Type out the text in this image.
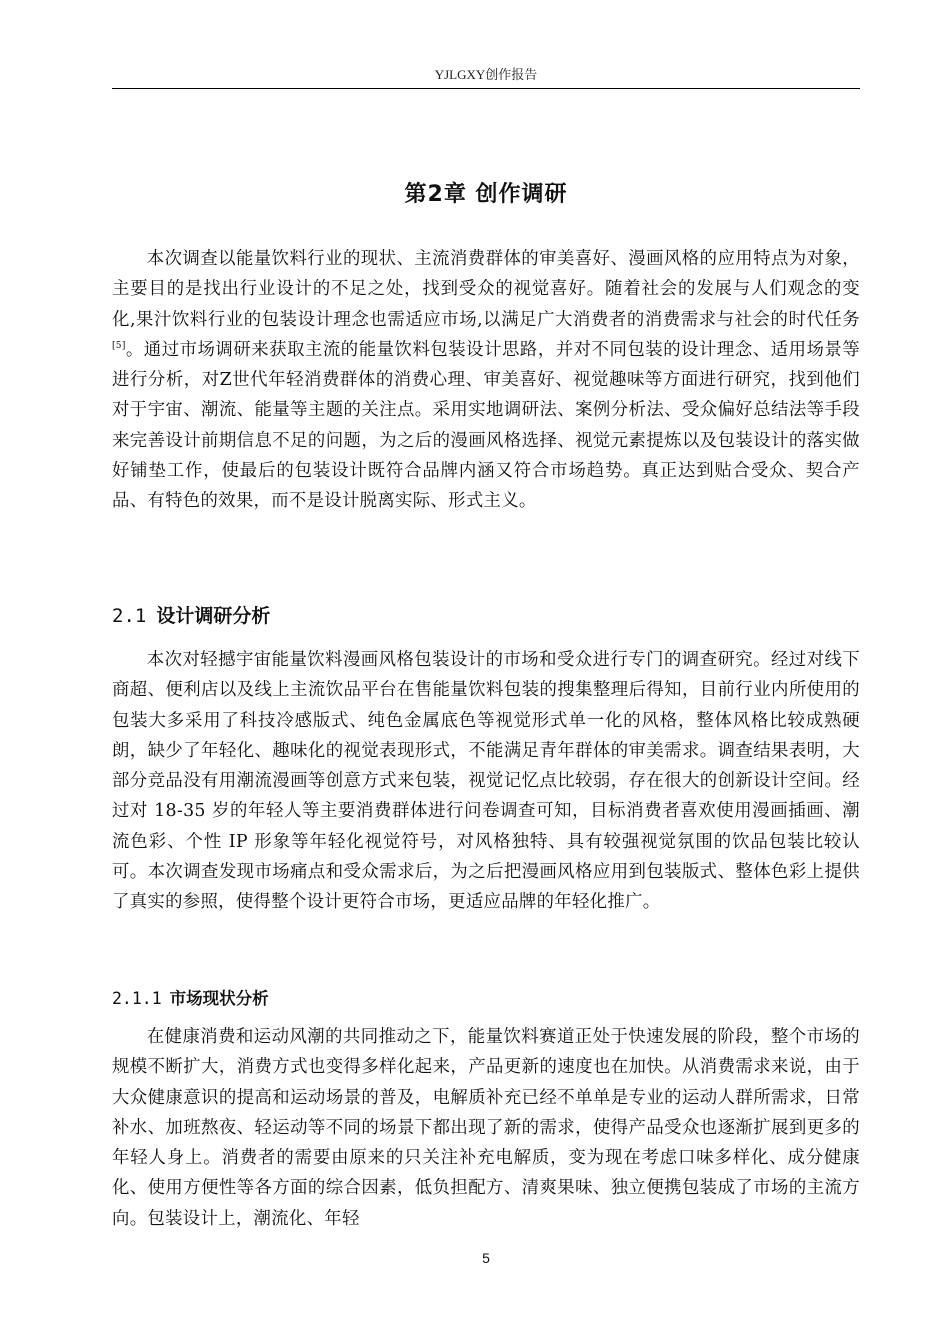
YJLGXY创作报告
第2章 创作调研

本次调查以能量饮料行业的现状、主流消费群体的审美喜好、漫画风格的应用特点为对象，主要目的是找出行业设计的不足之处，找到受众的视觉喜好。随着社会的发展与人们观念的变化,果汁饮料行业的包装设计理念也需适应市场,以满足广大消费者的消费需求与社会的时代任务[5]。通过市场调研来获取主流的能量饮料包装设计思路，并对不同包装的设计理念、适用场景等进行分析，对Z世代年轻消费群体的消费心理、审美喜好、视觉趣味等方面进行研究，找到他们对于宇宙、潮流、能量等主题的关注点。采用实地调研法、案例分析法、受众偏好总结法等手段来完善设计前期信息不足的问题，为之后的漫画风格选择、视觉元素提炼以及包装设计的落实做好铺垫工作，使最后的包装设计既符合品牌内涵又符合市场趋势。真正达到贴合受众、契合产品、有特色的效果，而不是设计脱离实际、形式主义。

2.1 设计调研分析

本次对轻撼宇宙能量饮料漫画风格包装设计的市场和受众进行专门的调查研究。经过对线下商超、便利店以及线上主流饮品平台在售能量饮料包装的搜集整理后得知，目前行业内所使用的包装大多采用了科技冷感版式、纯色金属底色等视觉形式单一化的风格，整体风格比较成熟硬朗，缺少了年轻化、趣味化的视觉表现形式，不能满足青年群体的审美需求。调查结果表明，大部分竞品没有用潮流漫画等创意方式来包装，视觉记忆点比较弱，存在很大的创新设计空间。经过对 18-35 岁的年轻人等主要消费群体进行问卷调查可知，目标消费者喜欢使用漫画插画、潮流色彩、个性 IP 形象等年轻化视觉符号，对风格独特、具有较强视觉氛围的饮品包装比较认可。本次调查发现市场痛点和受众需求后，为之后把漫画风格应用到包装版式、整体色彩上提供了真实的参照，使得整个设计更符合市场，更适应品牌的年轻化推广。

2.1.1 市场现状分析

在健康消费和运动风潮的共同推动之下，能量饮料赛道正处于快速发展的阶段，整个市场的规模不断扩大，消费方式也变得多样化起来，产品更新的速度也在加快。从消费需求来说，由于大众健康意识的提高和运动场景的普及，电解质补充已经不单单是专业的运动人群所需求，日常补水、加班熬夜、轻运动等不同的场景下都出现了新的需求，使得产品受众也逐渐扩展到更多的年轻人身上。消费者的需要由原来的只关注补充电解质，变为现在考虑口味多样化、成分健康化、使用方便性等各方面的综合因素，低负担配方、清爽果味、独立便携包装成了市场的主流方向。包装设计上，潮流化、年轻

5
